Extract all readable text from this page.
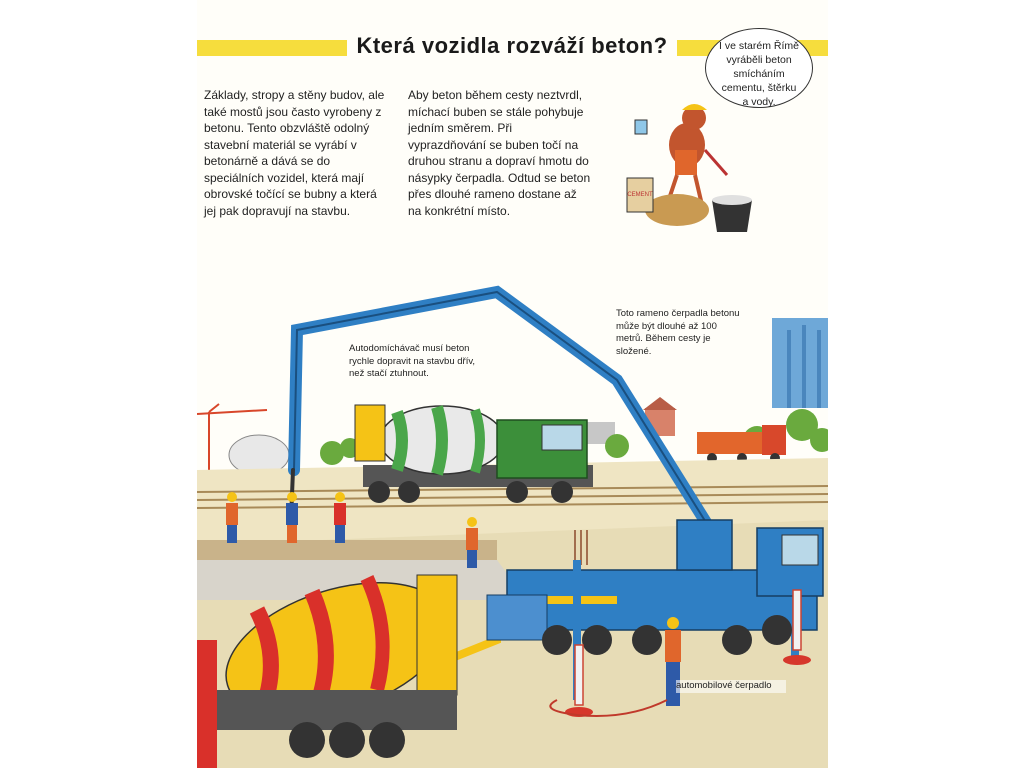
CEMENT
Která vozidla rozváží beton?
Základy, stropy a stěny budov, ale také mostů jsou často vyrobeny z betonu. Tento obzvláště odolný stavební materiál se vyrábí v betonárně a dává se do speciálních vozidel, která mají obrovské točící se bubny a která jej pak dopravují na stavbu.
Aby beton během cesty neztvrdl, míchací buben se stále pohybuje jedním směrem. Při vyprazdňování se buben točí na druhou stranu a dopraví hmotu do násypky čerpadla. Odtud se beton přes dlouhé rameno dostane až na konkrétní místo.
I ve starém Římě vyráběli beton smícháním cementu, štěrku a vody.
Autodomíchávač musí beton rychle dopravit na stavbu dřív, než stačí ztuhnout.
Toto rameno čerpadla betonu může být dlouhé až 100 metrů. Během cesty je složené.
automobilové čerpadlo
